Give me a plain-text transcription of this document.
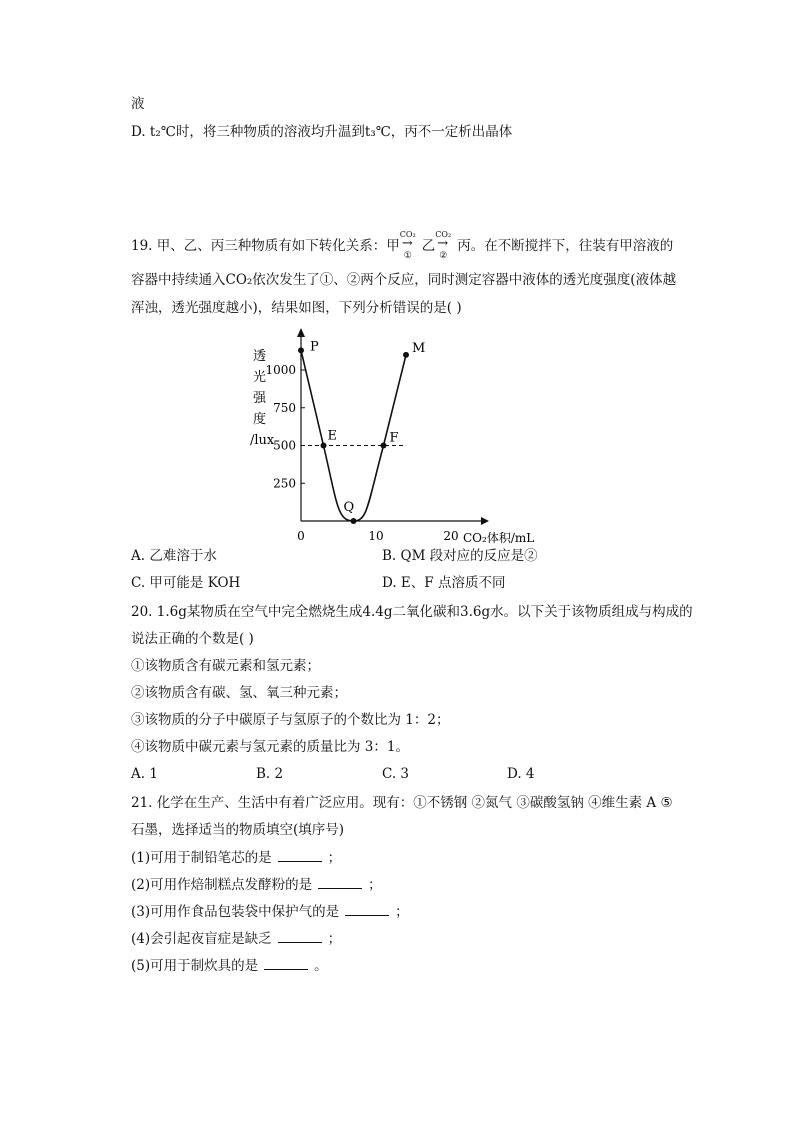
液
D. t₂℃时，将三种物质的溶液均升温到t₃℃，丙不一定析出晶体
19. 甲、乙、丙三种物质有如下转化关系：甲
CO₂
→
①
乙
CO₂
→
②
丙。在不断搅拌下，往装有甲溶液的
容器中持续通入CO₂依次发生了①、②两个反应，同时测定容器中液体的透光度强度(液体越
浑浊，透光强度越小)，结果如图，下列分析错误的是( )
透
光
强
度
/lux
250
500
750
1000
0	10	20 CO₂体积/mL
P
E
Q
F
M
A. 乙难溶于水	B. QM 段对应的反应是②
C. 甲可能是 KOH	D. E、F 点溶质不同
20. 1.6g某物质在空气中完全燃烧生成4.4g二氧化碳和3.6g水。以下关于该物质组成与构成的
说法正确的个数是( )
①该物质含有碳元素和氢元素；
②该物质含有碳、氢、氧三种元素；
③该物质的分子中碳原子与氢原子的个数比为 1：2；
④该物质中碳元素与氢元素的质量比为 3：1。
A. 1	B. 2	C. 3	D. 4
21. 化学在生产、生活中有着广泛应用。现有：①不锈钢 ②氮气 ③碳酸氢钠 ④维生素 A ⑤
石墨，选择适当的物质填空(填序号)
(1)可用于制铅笔芯的是	；
(2)可用作焙制糕点发酵粉的是	；
(3)可用作食品包装袋中保护气的是	；
(4)会引起夜盲症是缺乏	；
(5)可用于制炊具的是	。
